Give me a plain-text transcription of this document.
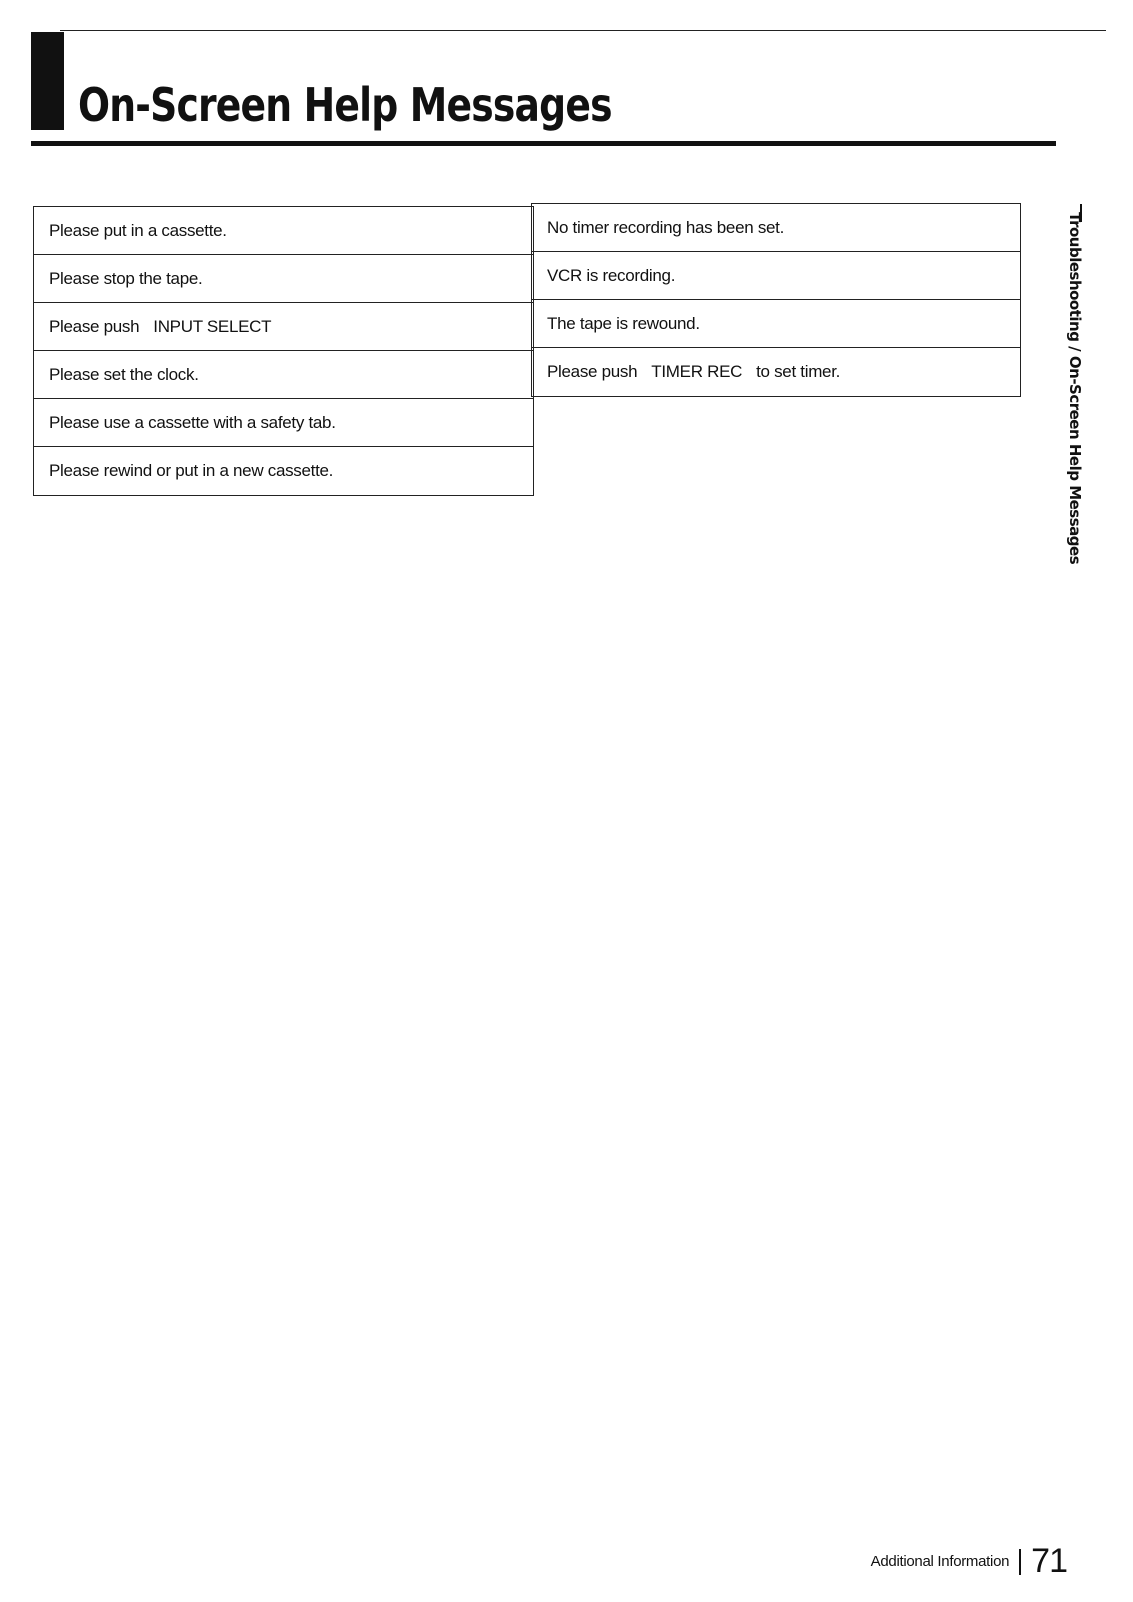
On-Screen Help Messages
Please put in a cassette.
Please stop the tape.
Please push INPUT SELECT
Please set the clock.
Please use a cassette with a safety tab.
Please rewind or put in a new cassette.
No timer recording has been set.
VCR is recording.
The tape is rewound.
Please push TIMER REC to set timer.	Troubleshooting / On-Screen Help Messages
Additional Information 71
